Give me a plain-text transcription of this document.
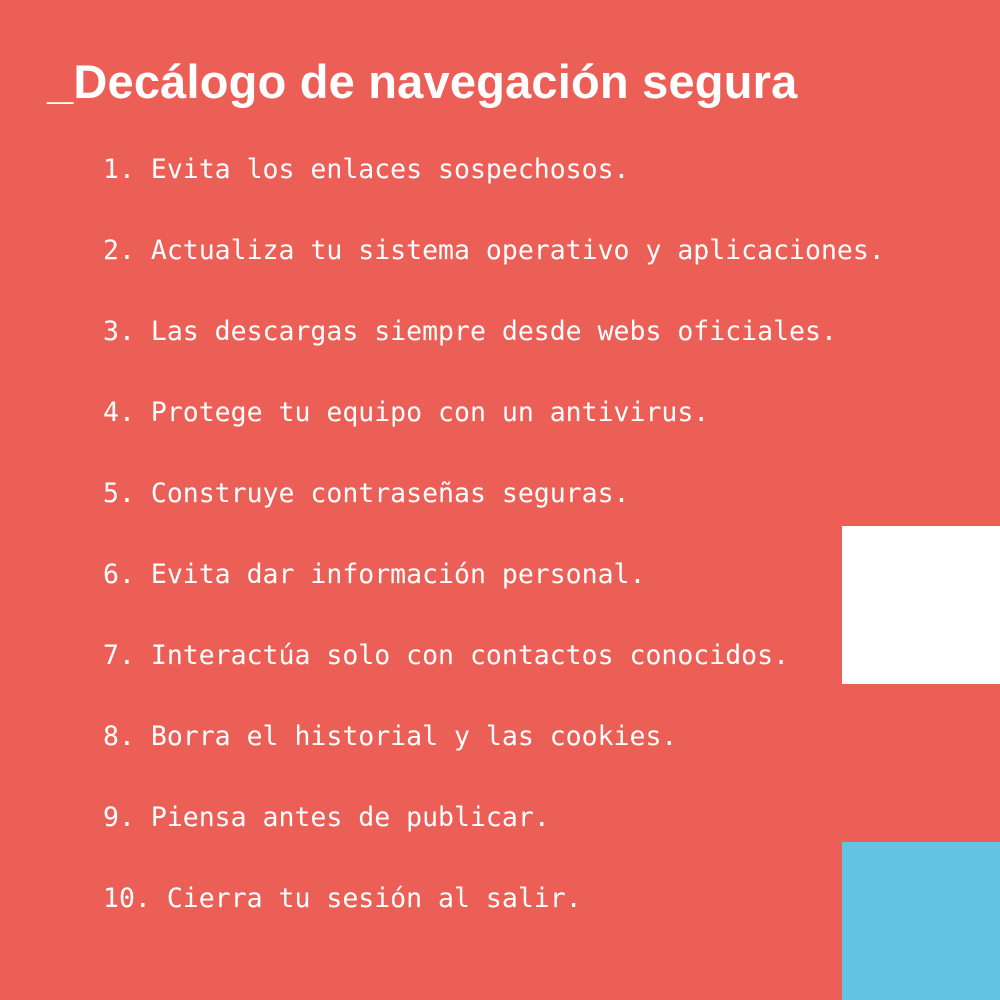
_Decálogo de navegación segura
1. Evita los enlaces sospechosos.
2. Actualiza tu sistema operativo y aplicaciones.
3. Las descargas siempre desde webs oficiales.
4. Protege tu equipo con un antivirus.
5. Construye contraseñas seguras.
6. Evita dar información personal.
7. Interactúa solo con contactos conocidos.
8. Borra el historial y las cookies.
9. Piensa antes de publicar.
10. Cierra tu sesión al salir.
